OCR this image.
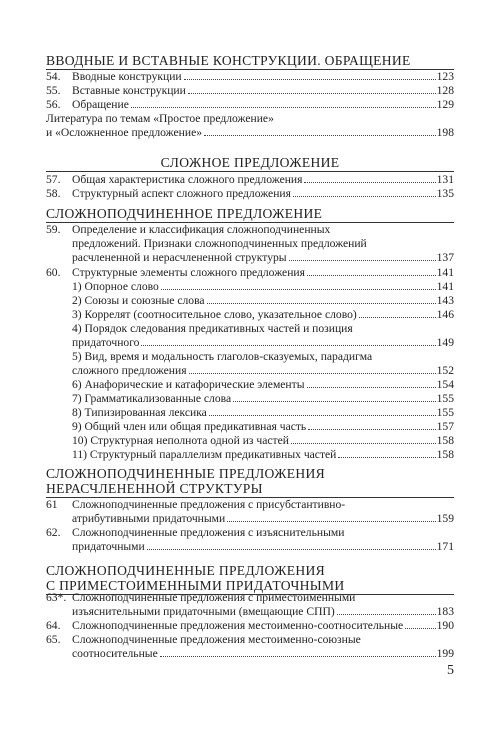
ВВОДНЫЕ И ВСТАВНЫЕ КОНСТРУКЦИИ. ОБРАЩЕНИЕ
54. Вводные конструкции	123
55. Вставные конструкции	128
56. Обращение	129
Литература по темам «Простое предложение»
и «Осложненное предложение»	198
СЛОЖНОЕ ПРЕДЛОЖЕНИЕ
57. Общая характеристика сложного предложения	131
58. Структурный аспект сложного предложения	135
СЛОЖНОПОДЧИНЕННОЕ ПРЕДЛОЖЕНИЕ
59. Определение и классификация сложноподчиненных
предложений. Признаки сложноподчиненных предложений
расчлененной и нерасчлененной структуры	137
60. Структурные элементы сложного предложения	141
1) Опорное слово	141
2) Союзы и союзные слова	143
3) Коррелят (соотносительное слово, указательное слово)	146
4) Порядок следования предикативных частей и позиция
придаточного	149
5) Вид, время и модальность глаголов-сказуемых, парадигма
сложного предложения	152
6) Анафорические и катафорические элементы	154
7) Грамматикализованные слова	155
8) Типизированная лексика	155
9) Общий член или общая предикативная часть	157
10) Структурная неполнота одной из частей	158
11) Структурный параллелизм предикативных частей	158
СЛОЖНОПОДЧИНЕННЫЕ ПРЕДЛОЖЕНИЯ
НЕРАСЧЛЕНЕННОЙ СТРУКТУРЫ
61	Сложноподчиненные предложения с присубстантивно-
атрибутивными придаточными	159
62. Сложноподчиненные предложения с изъяснительными
придаточными	171
СЛОЖНОПОДЧИНЕННЫЕ ПРЕДЛОЖЕНИЯ
С ПРИМЕСТОИМЕННЫМИ ПРИДАТОЧНЫМИ
63*. Сложноподчиненные предложения с приместоименными
изъяснительными придаточными (вмещающие СПП)	183
64. Сложноподчиненные предложения местоименно-соотносительные	190
65. Сложноподчиненные предложения местоименно-союзные
соотносительные	199
5
